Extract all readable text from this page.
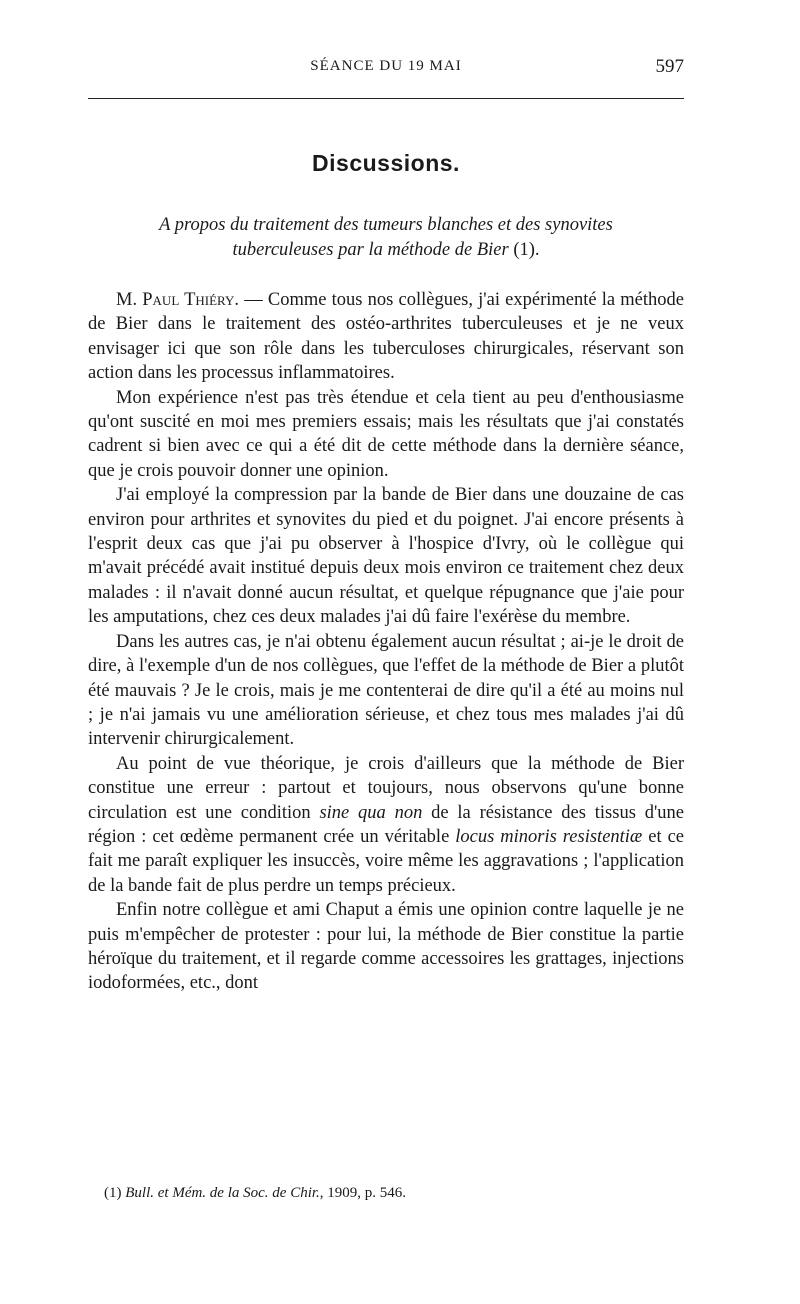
SÉANCE DU 19 MAI	597
Discussions.
A propos du traitement des tumeurs blanches et des synovites
tuberculeuses par la méthode de Bier (1).

M. Paul Thiéry. — Comme tous nos collègues, j'ai expérimenté la méthode de Bier dans le traitement des ostéo-arthrites tuberculeuses et je ne veux envisager ici que son rôle dans les tuberculoses chirurgicales, réservant son action dans les processus inflammatoires.

Mon expérience n'est pas très étendue et cela tient au peu d'enthousiasme qu'ont suscité en moi mes premiers essais; mais les résultats que j'ai constatés cadrent si bien avec ce qui a été dit de cette méthode dans la dernière séance, que je crois pouvoir donner une opinion.

J'ai employé la compression par la bande de Bier dans une douzaine de cas environ pour arthrites et synovites du pied et du poignet. J'ai encore présents à l'esprit deux cas que j'ai pu observer à l'hospice d'Ivry, où le collègue qui m'avait précédé avait institué depuis deux mois environ ce traitement chez deux malades : il n'avait donné aucun résultat, et quelque répugnance que j'aie pour les amputations, chez ces deux malades j'ai dû faire l'exérèse du membre.

Dans les autres cas, je n'ai obtenu également aucun résultat ; ai-je le droit de dire, à l'exemple d'un de nos collègues, que l'effet de la méthode de Bier a plutôt été mauvais ? Je le crois, mais je me contenterai de dire qu'il a été au moins nul ; je n'ai jamais vu une amélioration sérieuse, et chez tous mes malades j'ai dû intervenir chirurgicalement.

Au point de vue théorique, je crois d'ailleurs que la méthode de Bier constitue une erreur : partout et toujours, nous observons qu'une bonne circulation est une condition sine qua non de la résistance des tissus d'une région : cet œdème permanent crée un véritable locus minoris resistentiæ et ce fait me paraît expliquer les insuccès, voire même les aggravations ; l'application de la bande fait de plus perdre un temps précieux.

Enfin notre collègue et ami Chaput a émis une opinion contre laquelle je ne puis m'empêcher de protester : pour lui, la méthode de Bier constitue la partie héroïque du traitement, et il regarde comme accessoires les grattages, injections iodoformées, etc., dont

(1) Bull. et Mém. de la Soc. de Chir., 1909, p. 546.
